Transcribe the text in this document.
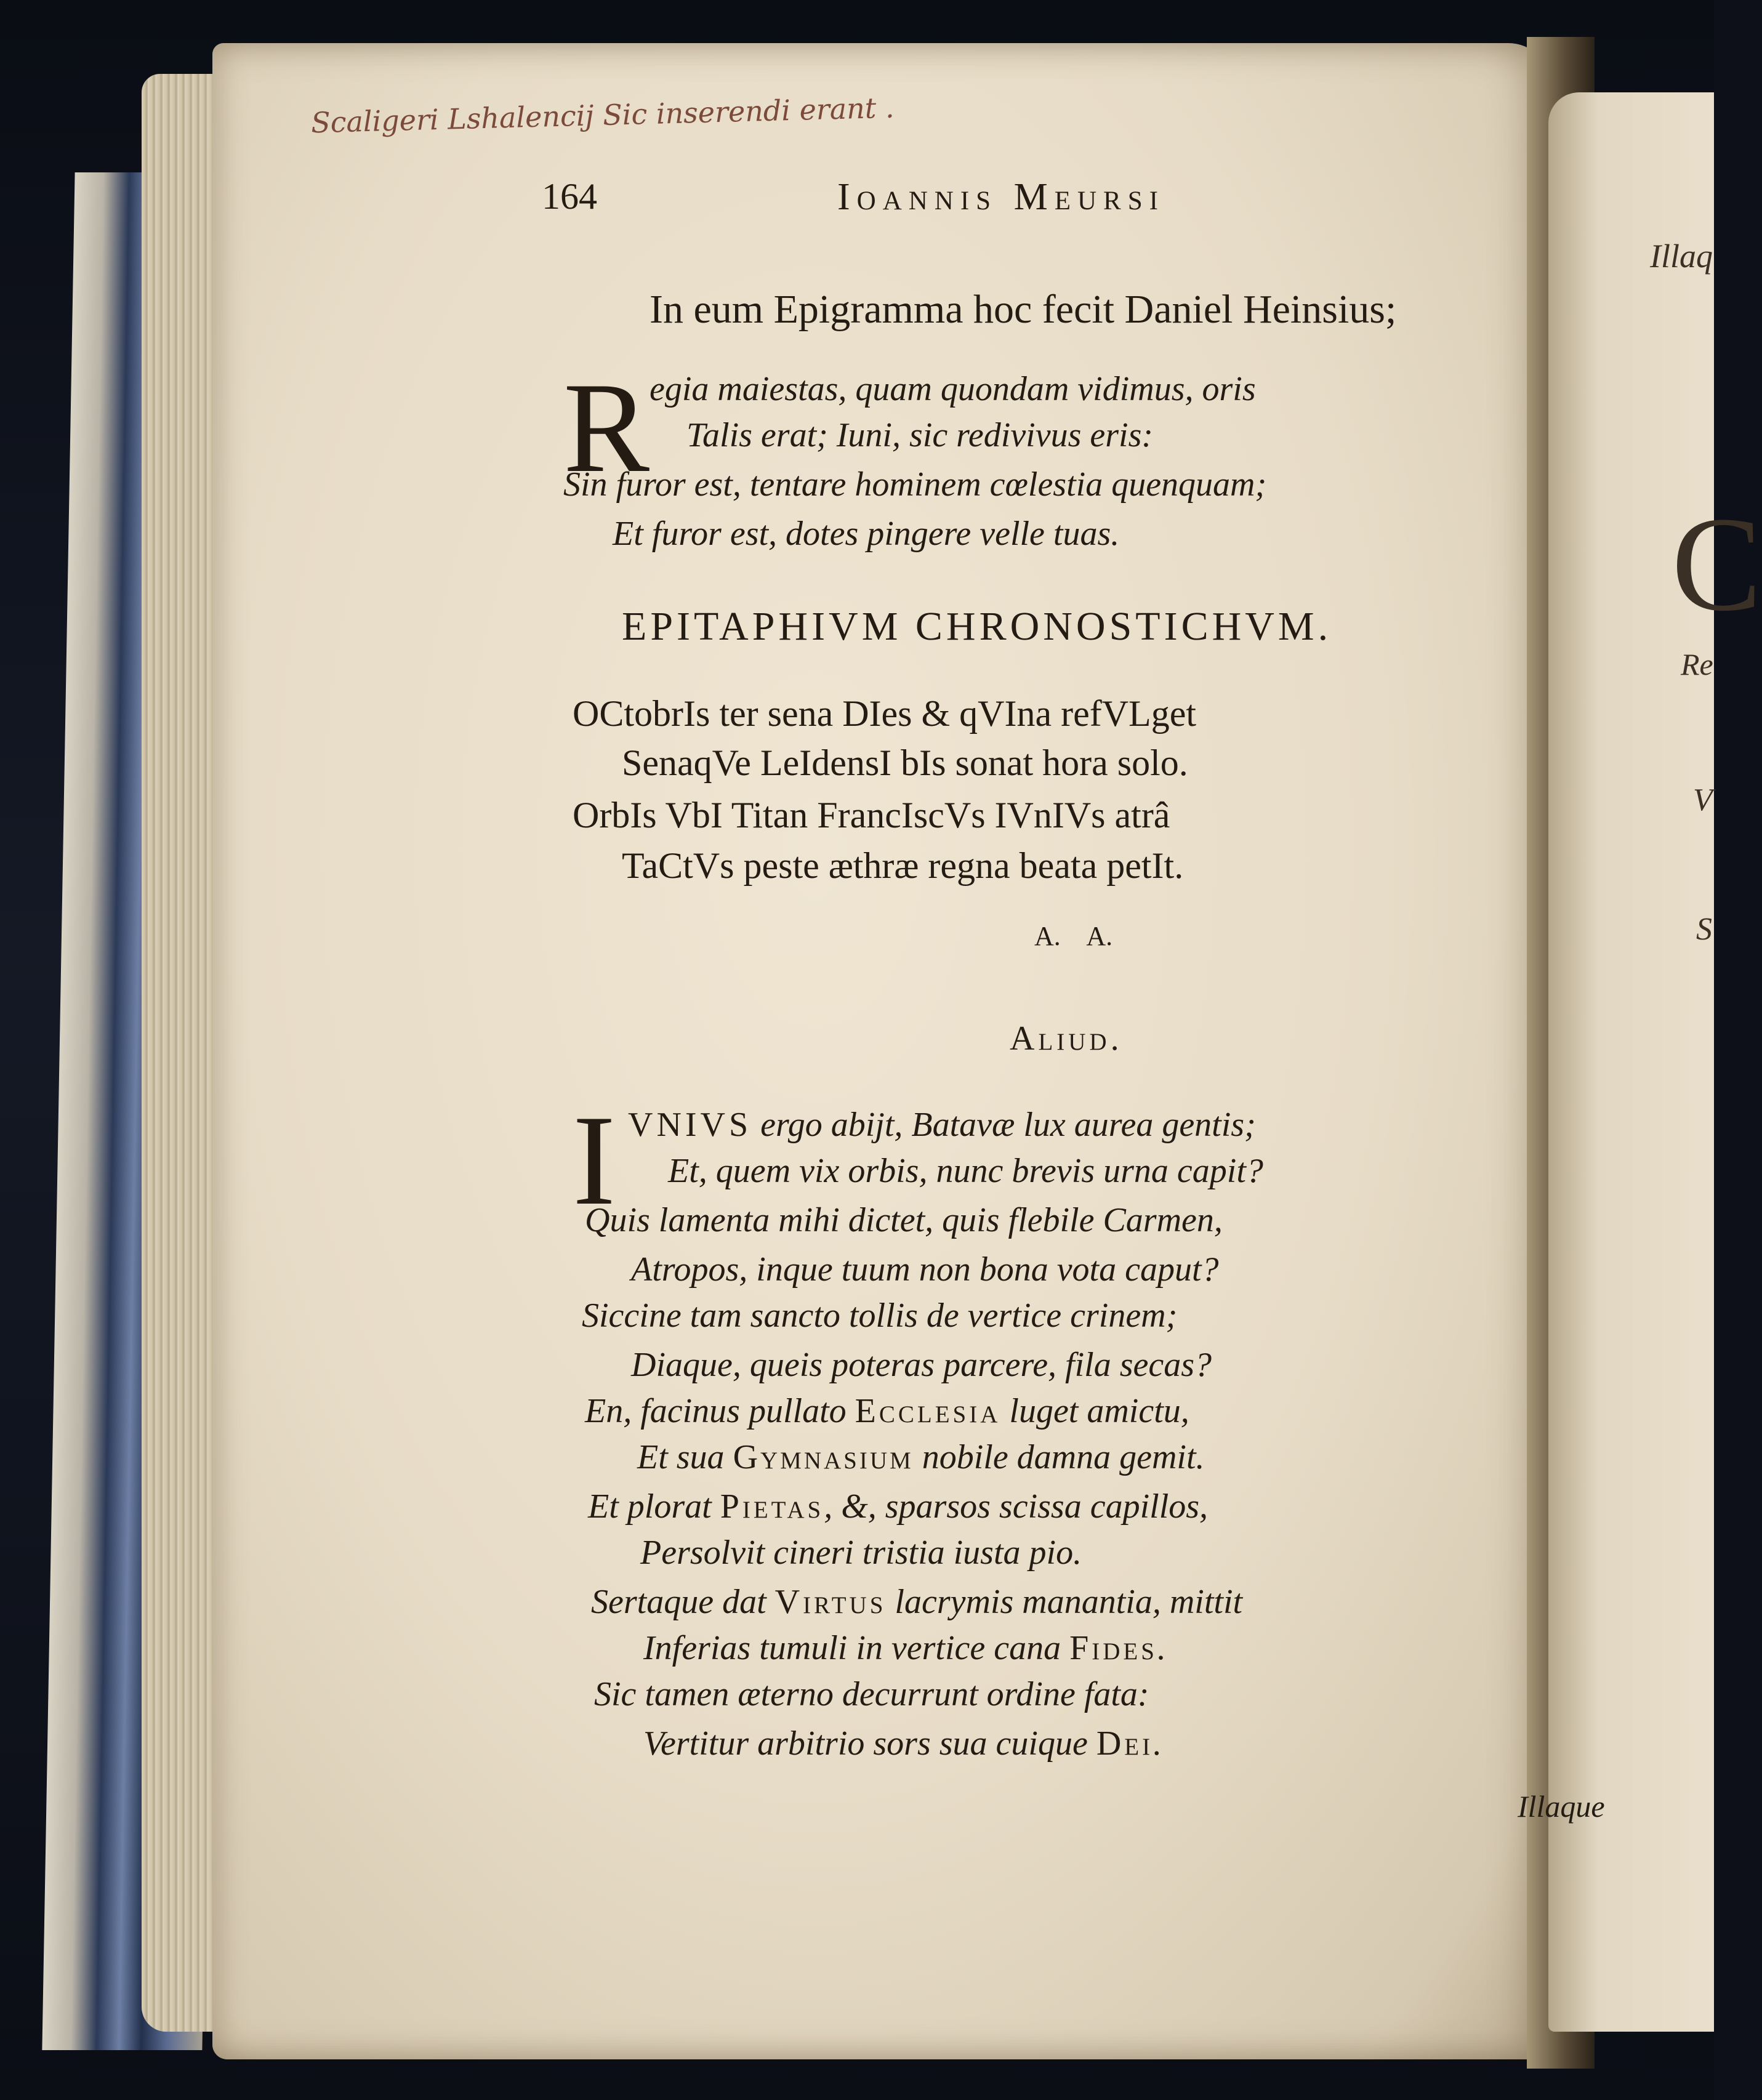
Illaq
C
Re
V
S
Scaligeri Lshalencij Sic inserendi erant .
164	Ioannis Meursi
In eum Epigramma hoc fecit Daniel Heinsius;
R egia maiestas, quam quondam vidimus, oris
Talis erat; Iuni, sic redivivus eris:
Sin furor est, tentare hominem cœlestia quenquam;
Et furor est, dotes pingere velle tuas.
EPITAPHIVM CHRONOSTICHVM.
OCtobrIs ter sena DIes & qVIna refVLget
SenaqVe LeIdensI bIs sonat hora solo.
OrbIs VbI Titan FrancIscVs IVnIVs atrâ
TaCtVs peste æthræ regna beata petIt.
A.    A.
Aliud.
I VNIVS ergo abijt, Batavæ lux aurea gentis;
Et, quem vix orbis, nunc brevis urna capit?
Quis lamenta mihi dictet, quis flebile Carmen,
Atropos, inque tuum non bona vota caput?
Siccine tam sancto tollis de vertice crinem;
Diaque, queis poteras parcere, fila secas?
En, facinus pullato Ecclesia luget amictu,
Et sua Gymnasium nobile damna gemit.
Et plorat Pietas, &, sparsos scissa capillos,
Persolvit cineri tristia iusta pio.
Sertaque dat Virtus lacrymis manantia, mittit
Inferias tumuli in vertice cana Fides.
Sic tamen æterno decurrunt ordine fata:
Vertitur arbitrio sors sua cuique Dei.
Illaque
